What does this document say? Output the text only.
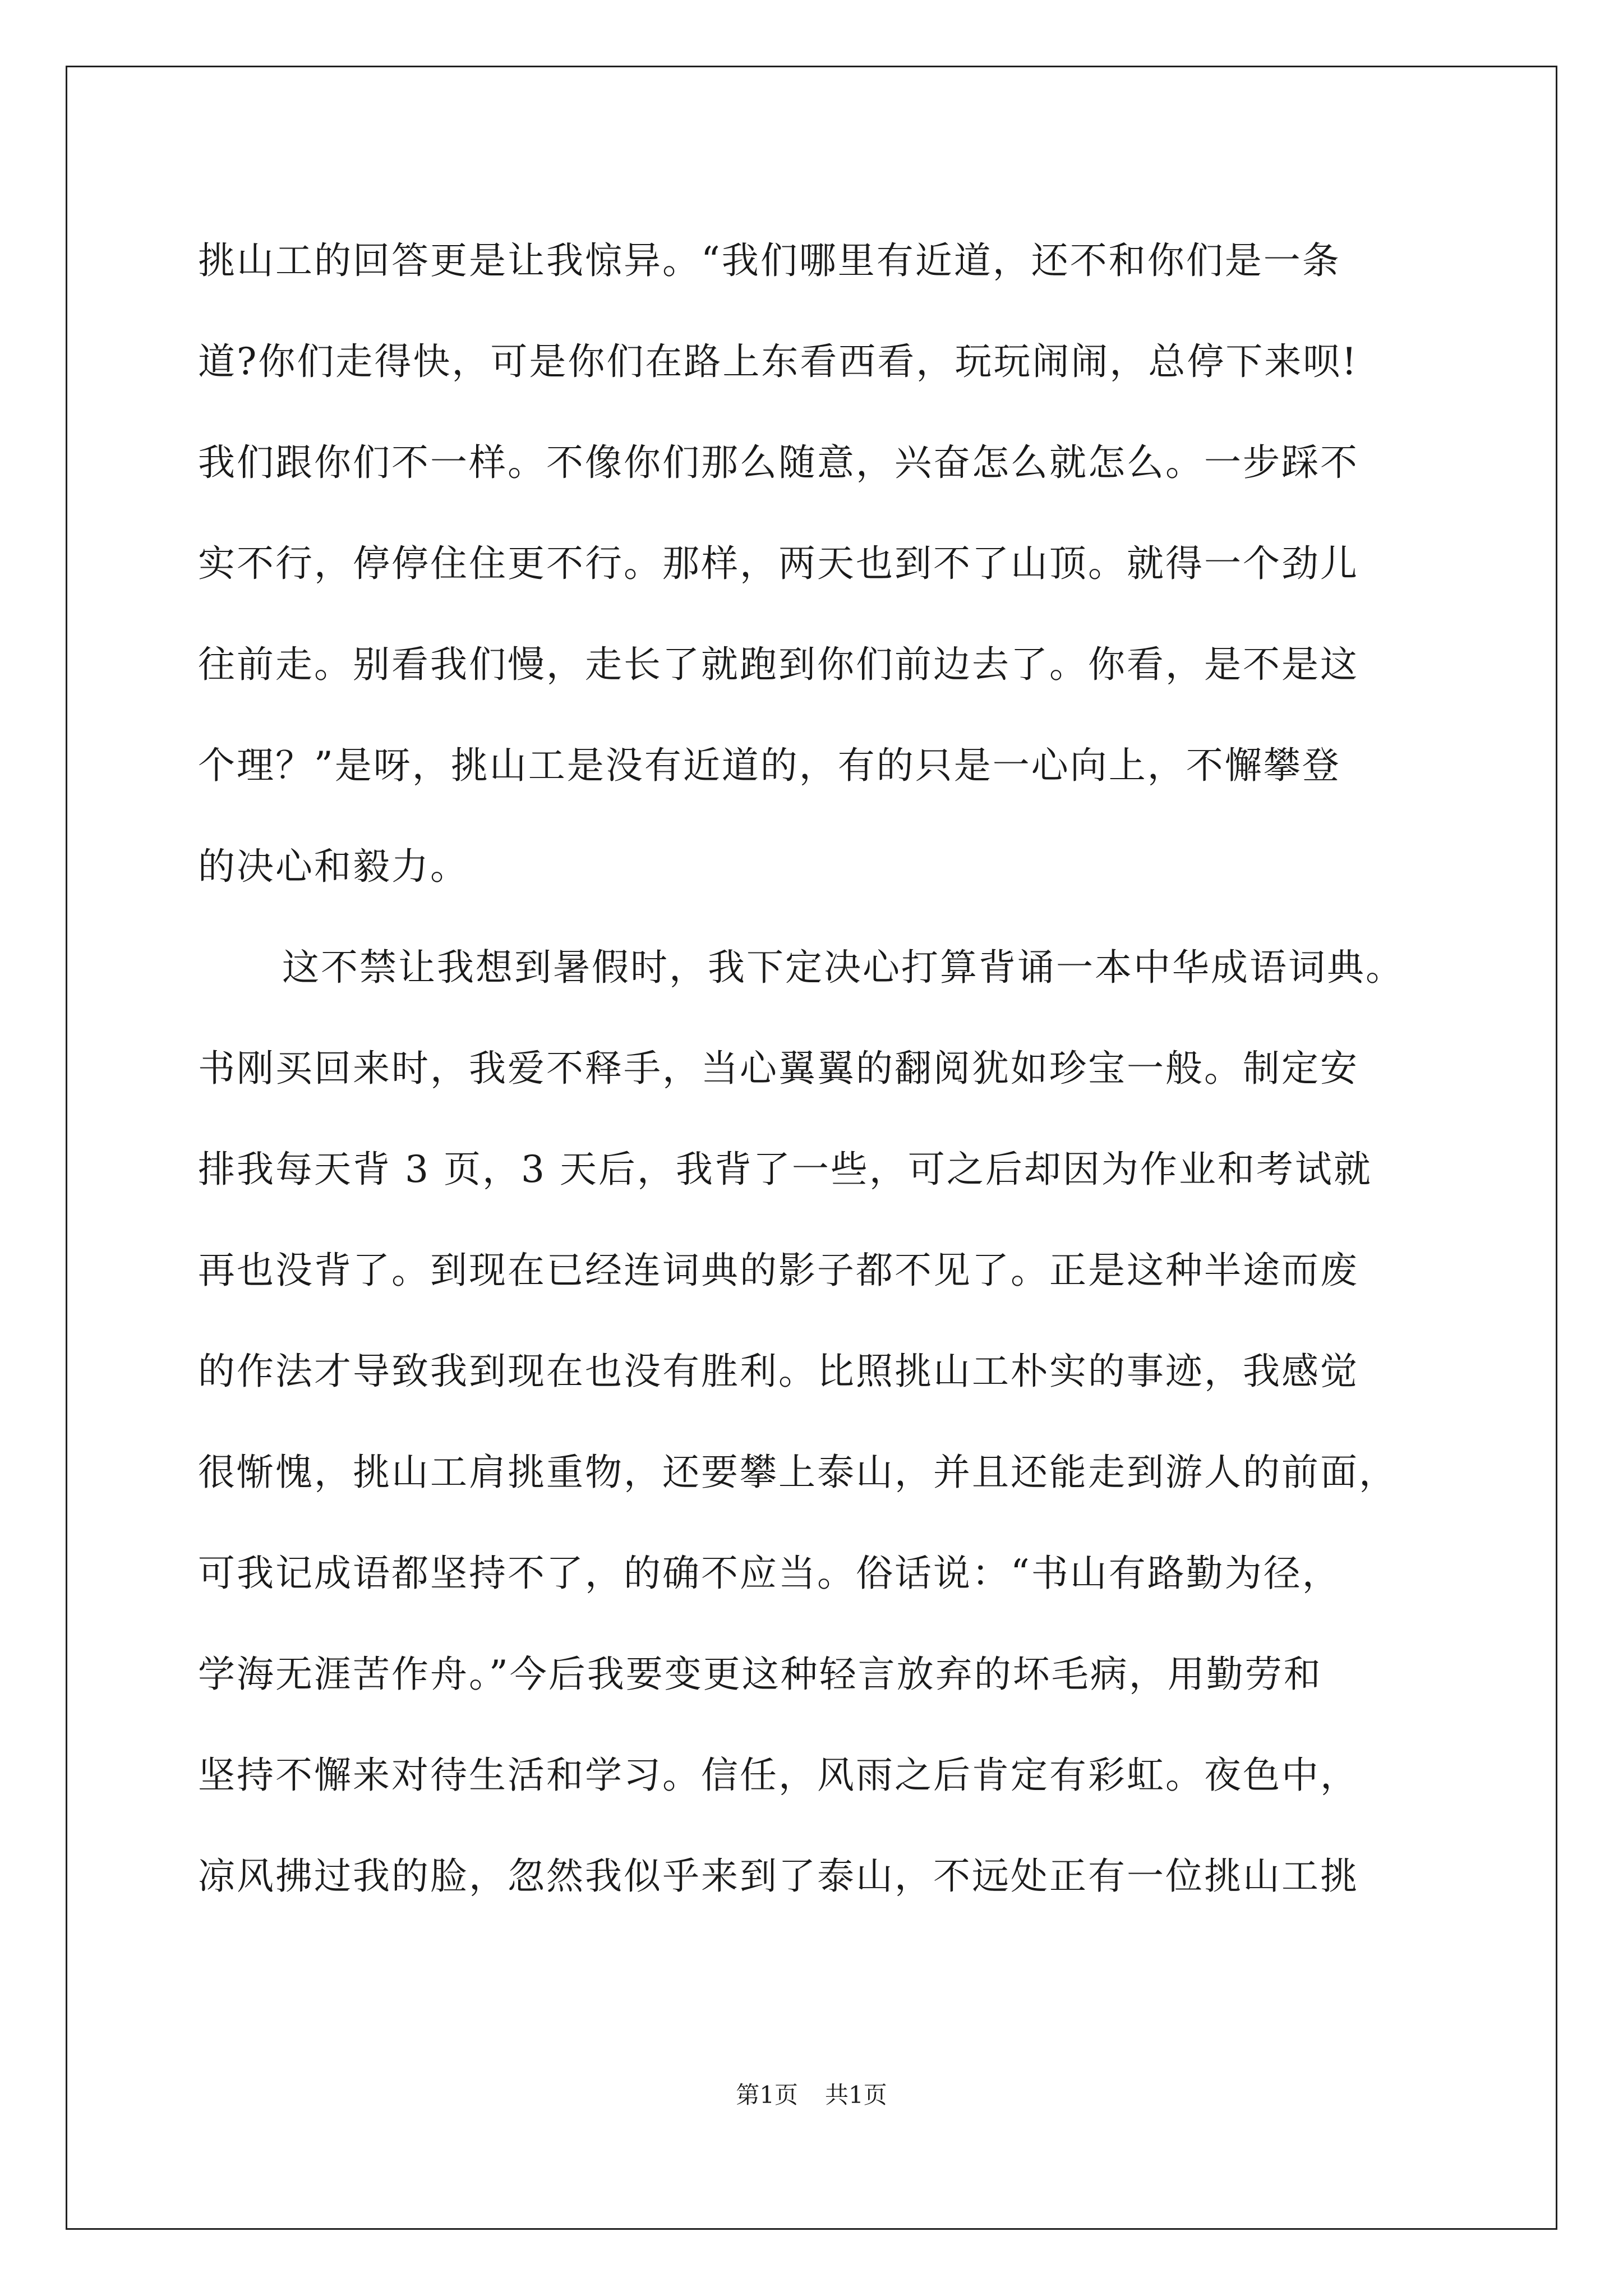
挑山工的回答更是让我惊异。“我们哪里有近道，还不和你们是一条
道?你们走得快，可是你们在路上东看西看，玩玩闹闹，总停下来呗!
我们跟你们不一样。不像你们那么随意，兴奋怎么就怎么。一步踩不
实不行，停停住住更不行。那样，两天也到不了山顶。就得一个劲儿
往前走。别看我们慢，走长了就跑到你们前边去了。你看，是不是这
个理？”是呀，挑山工是没有近道的，有的只是一心向上，不懈攀登
的决心和毅力。
这不禁让我想到暑假时，我下定决心打算背诵一本中华成语词典。
书刚买回来时，我爱不释手，当心翼翼的翻阅犹如珍宝一般。制定安
排我每天背 3 页，3 天后，我背了一些，可之后却因为作业和考试就
再也没背了。到现在已经连词典的影子都不见了。正是这种半途而废
的作法才导致我到现在也没有胜利。比照挑山工朴实的事迹，我感觉
很惭愧，挑山工肩挑重物，还要攀上泰山，并且还能走到游人的前面，
可我记成语都坚持不了，的确不应当。俗话说：“书山有路勤为径，
学海无涯苦作舟。”今后我要变更这种轻言放弃的坏毛病，用勤劳和
坚持不懈来对待生活和学习。信任，风雨之后肯定有彩虹。夜色中，
凉风拂过我的脸，忽然我似乎来到了泰山，不远处正有一位挑山工挑
第1页 共1页
